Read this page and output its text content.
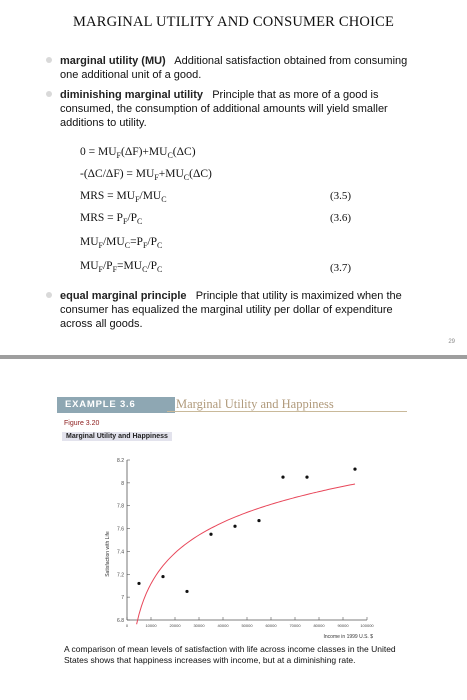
MARGINAL UTILITY AND CONSUMER CHOICE
marginal utility (MU) Additional satisfaction obtained from consuming one additional unit of a good.
diminishing marginal utility Principle that as more of a good is consumed, the consumption of additional amounts will yield smaller additions to utility.
$0 = MU_F(\Delta F)+MU_C(\Delta C)$
$-(\Delta C/\Delta F) = MU_F+MU_C(\Delta C)$
MRS = $MU_F/MU_C$	(3.5)
MRS = $P_F/P_C$	(3.6)
$MU_F/MU_C=P_F/P_C$
$MU_F/P_F=MU_C/P_C$	(3.7)
equal marginal principle Principle that utility is maximized when the consumer has equalized the marginal utility per dollar of expenditure across all goods.
29
EXAMPLE 3.6	Marginal Utility and Happiness
Figure 3.20
Marginal Utility and Happiness
6.8
7
7.2
7.4
7.6
7.8
8
8.2
0	10000	20000	30000	40000	50000	60000	70000	80000	90000	100000
Satisfaction with Life
Income in 1999 U.S. $
A comparison of mean levels of satisfaction with life across income classes in the United States shows that happiness increases with income, but at a diminishing rate.
